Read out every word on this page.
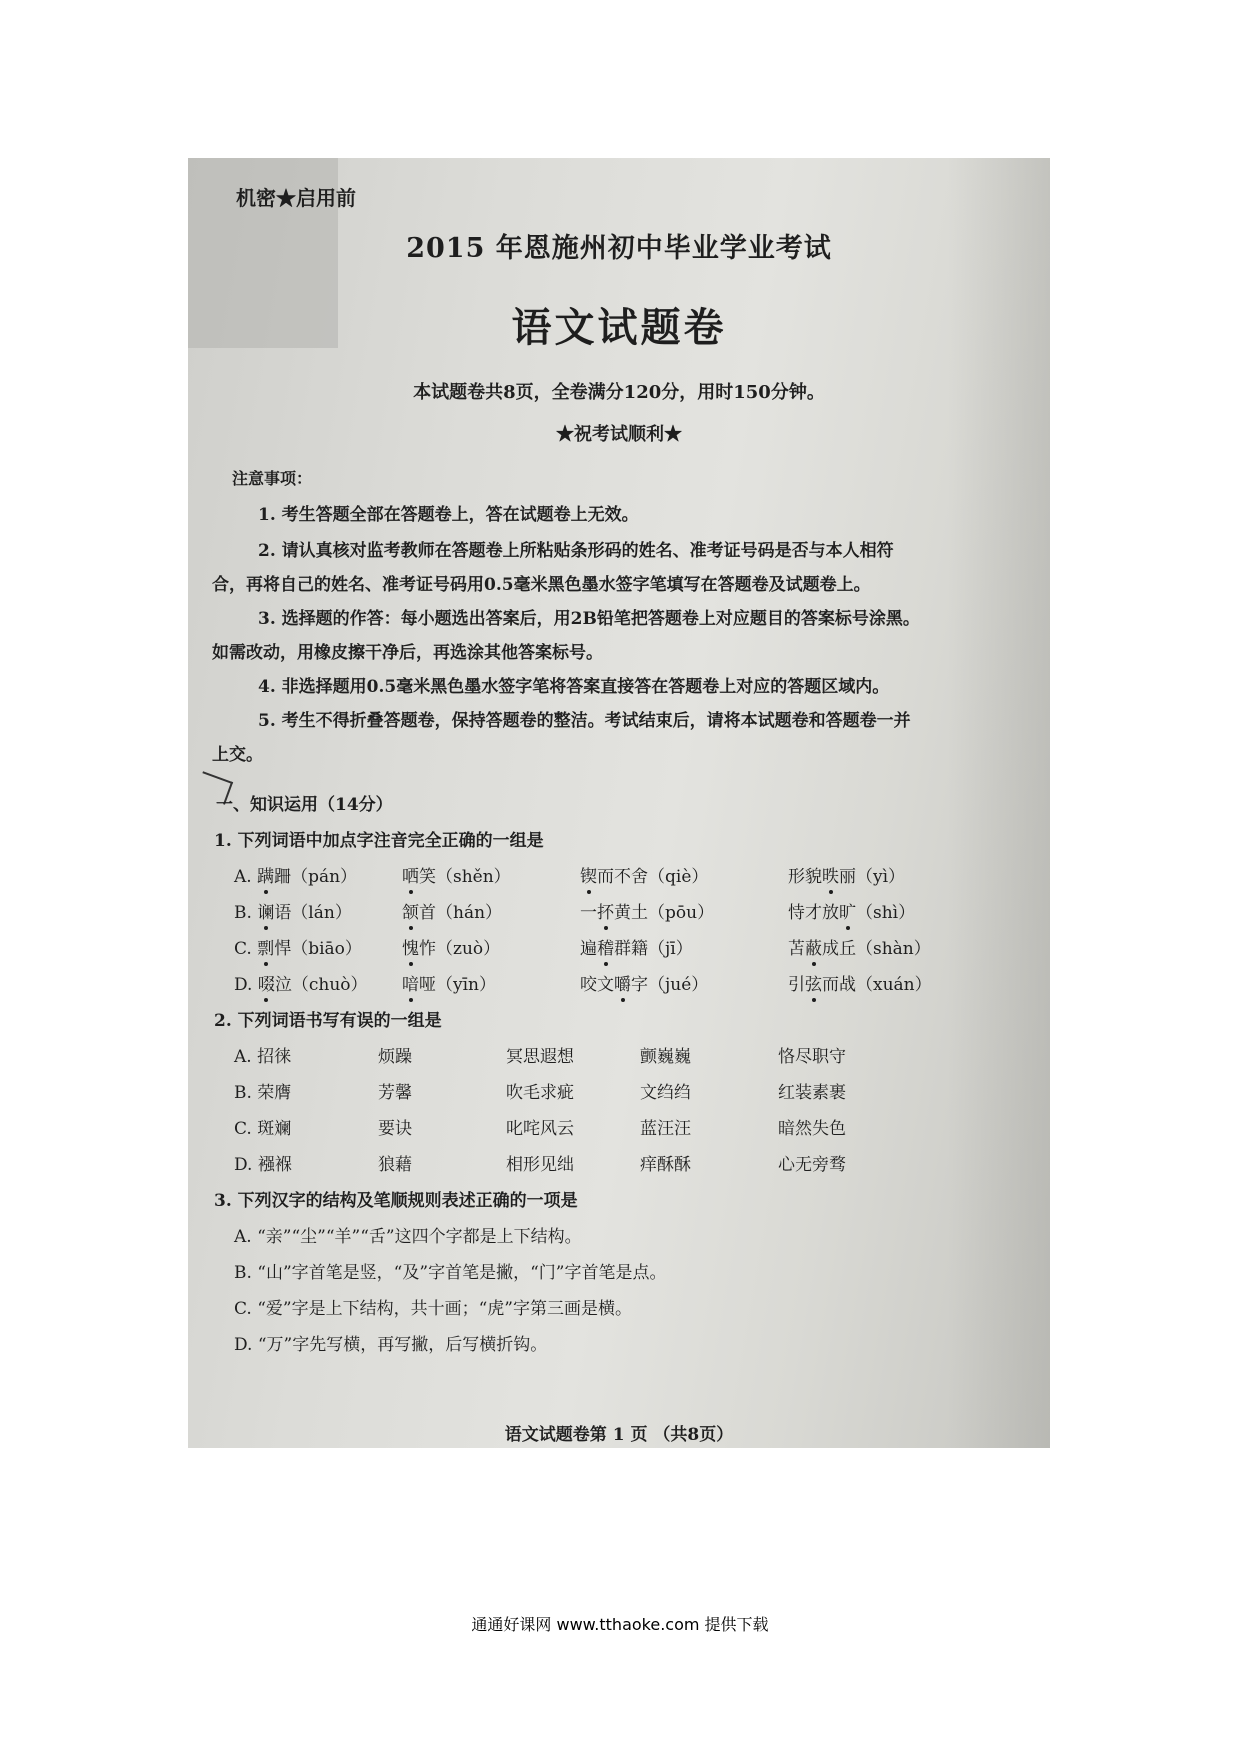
机密★启用前
2015 年恩施州初中毕业学业考试
语文试题卷
本试题卷共8页，全卷满分120分，用时150分钟。
★祝考试顺利★
注意事项：
1. 考生答题全部在答题卷上，答在试题卷上无效。
2. 请认真核对监考教师在答题卷上所粘贴条形码的姓名、准考证号码是否与本人相符
合，再将自己的姓名、准考证号码用0.5毫米黑色墨水签字笔填写在答题卷及试题卷上。
3. 选择题的作答：每小题选出答案后，用2B铅笔把答题卷上对应题目的答案标号涂黑。
如需改动，用橡皮擦干净后，再选涂其他答案标号。
4. 非选择题用0.5毫米黑色墨水签字笔将答案直接答在答题卷上对应的答题区域内。
5. 考生不得折叠答题卷，保持答题卷的整洁。考试结束后，请将本试题卷和答题卷一并
上交。
一、知识运用（14分）
1. 下列词语中加点字注音完全正确的一组是
A. 蹒跚（pán）	哂笑（shěn）	锲而不舍（qiè）	形貌昳丽（yì）
B. 谰语（lán）	颔首（hán）	一抔黄土（pōu）	恃才放旷（shì）
C. 剽悍（biāo） 愧怍（zuò）	遍稽群籍（jī）	苫蔽成丘（shàn）
D. 啜泣（chuò） 喑哑（yīn）	咬文嚼字（jué）	引弦而战（xuán）
2. 下列词语书写有误的一组是
A. 招徕	烦躁	冥思遐想	颤巍巍	恪尽职守
B. 荣膺	芳馨	吹毛求疵	文绉绉	红装素裹
C. 斑斓	要诀	叱咤风云	蓝汪汪	暗然失色
D. 襁褓	狼藉	相形见绌	痒酥酥	心无旁骛
3. 下列汉字的结构及笔顺规则表述正确的一项是
A. “亲”“尘”“羊”“舌”这四个字都是上下结构。
B. “山”字首笔是竖，“及”字首笔是撇，“门”字首笔是点。
C. “爱”字是上下结构，共十画；“虎”字第三画是横。
D. “万”字先写横，再写撇，后写横折钩。
语文试题卷第 1 页 （共8页）
通通好课网 www.tthaoke.com 提供下载
